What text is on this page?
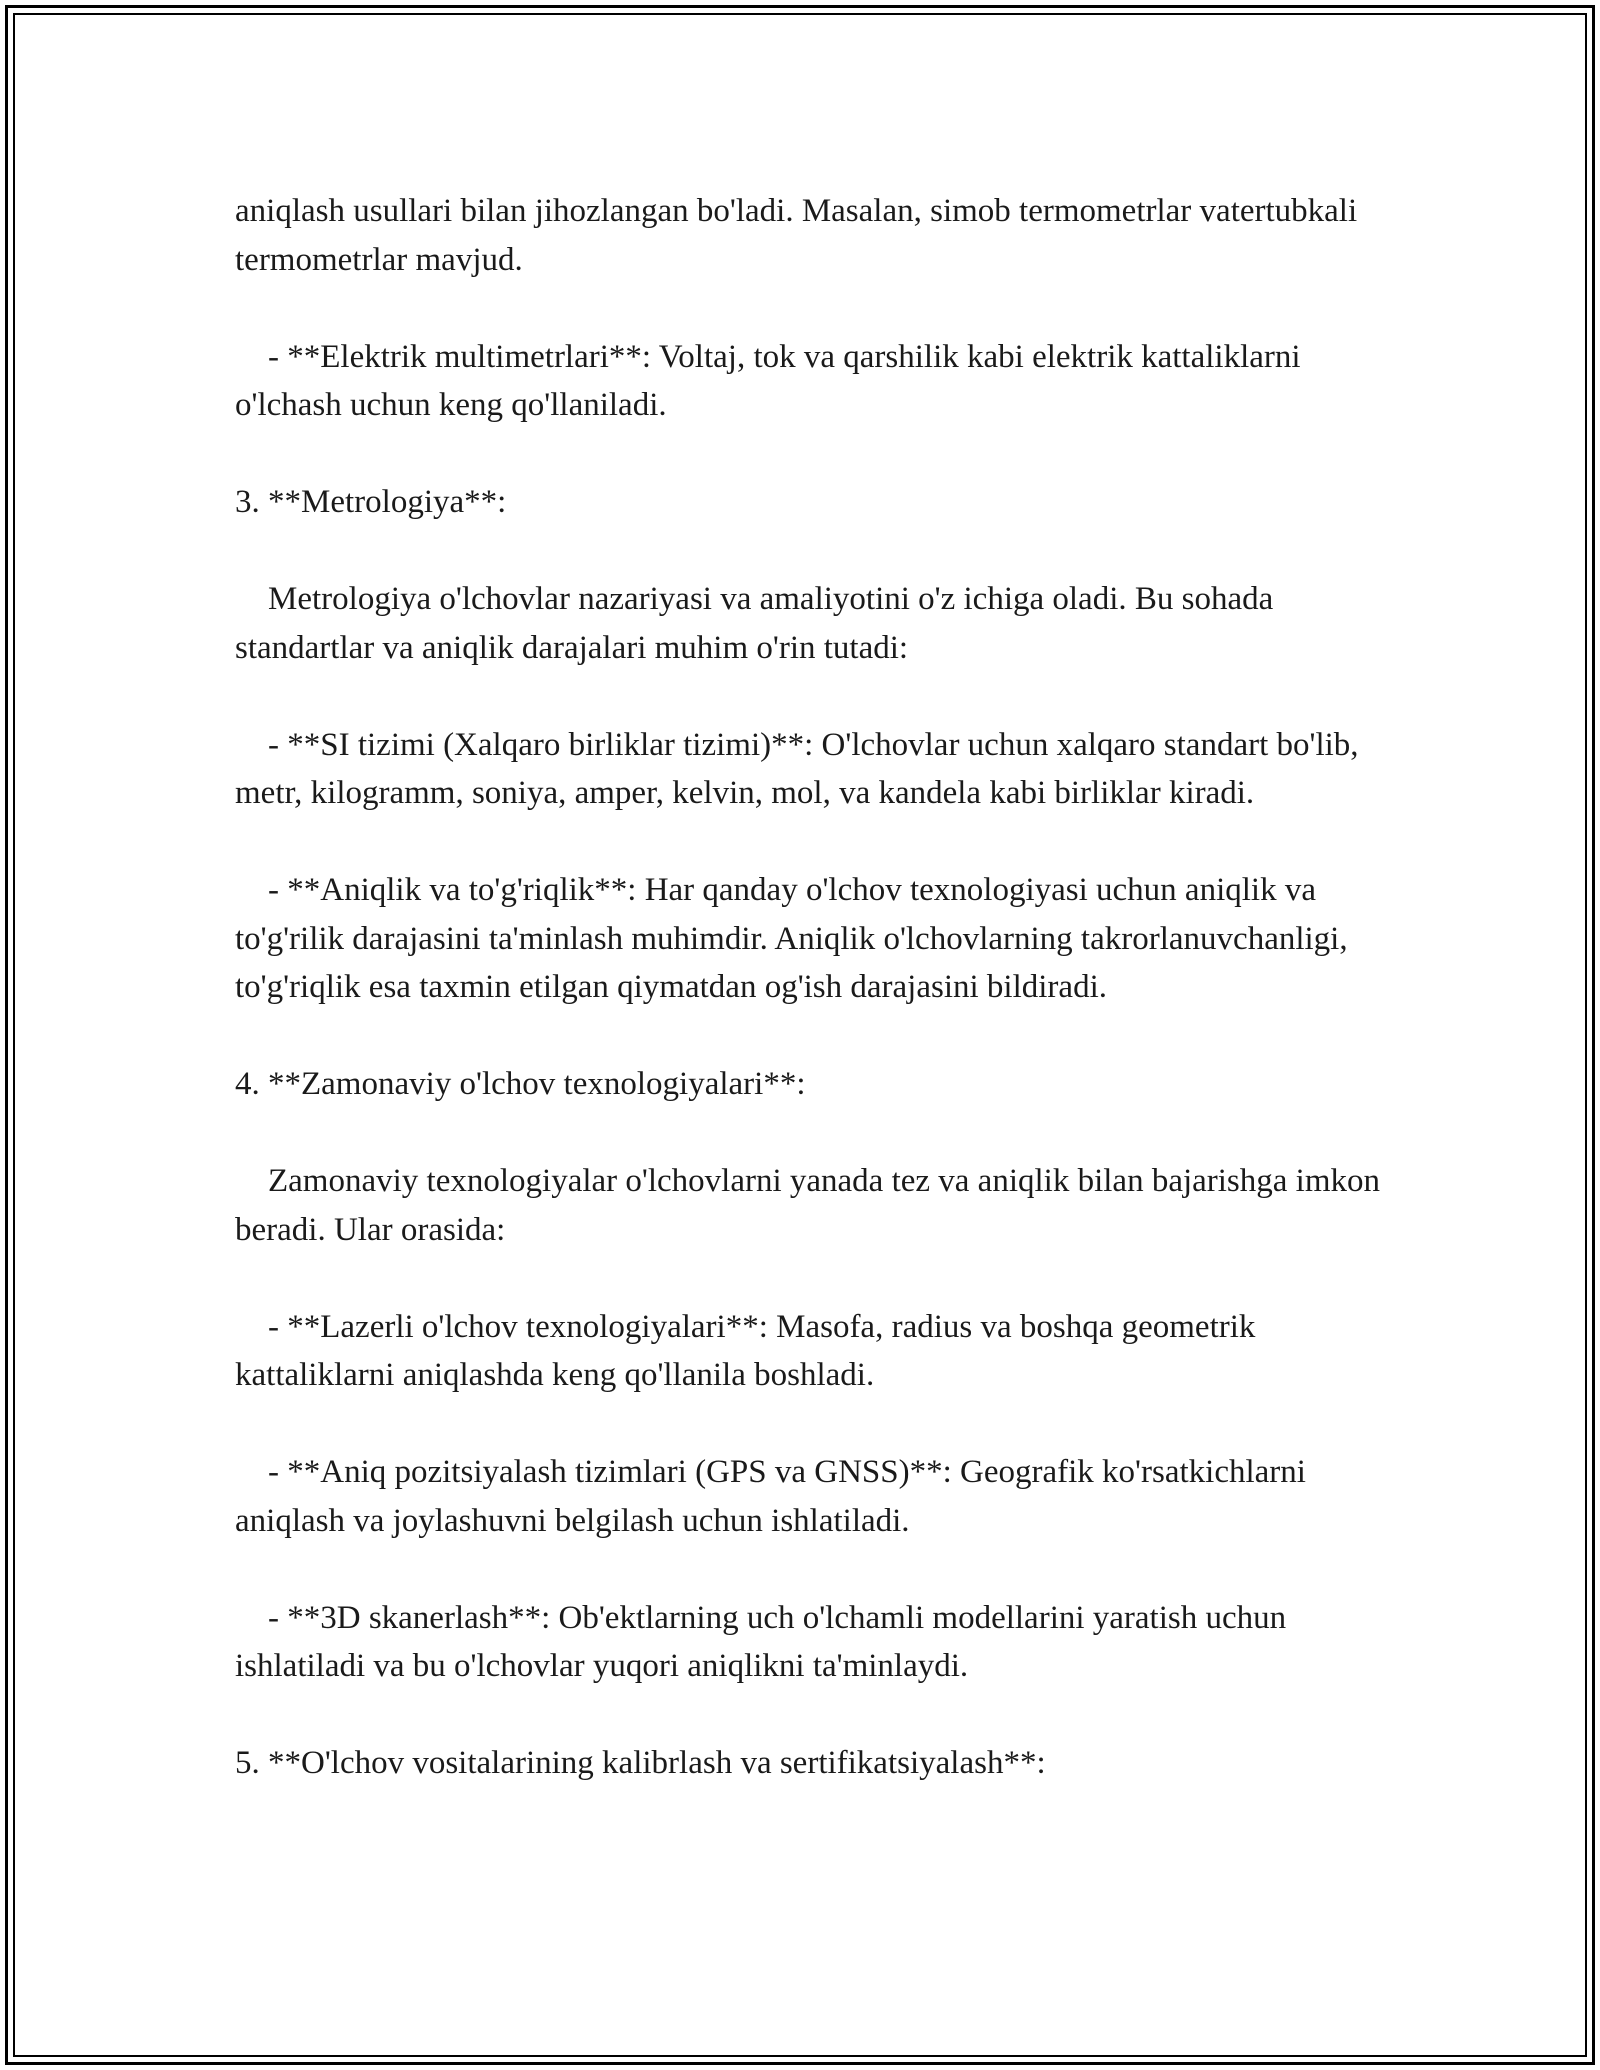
aniqlash usullari bilan jihozlangan bo'ladi. Masalan, simob termometrlar vatertubkali termometrlar mavjud.

- **Elektrik multimetrlari**: Voltaj, tok va qarshilik kabi elektrik kattaliklarni o'lchash uchun keng qo'llaniladi.

3. **Metrologiya**:

Metrologiya o'lchovlar nazariyasi va amaliyotini o'z ichiga oladi. Bu sohada standartlar va aniqlik darajalari muhim o'rin tutadi:

- **SI tizimi (Xalqaro birliklar tizimi)**: O'lchovlar uchun xalqaro standart bo'lib, metr, kilogramm, soniya, amper, kelvin, mol, va kandela kabi birliklar kiradi.

- **Aniqlik va to'g'riqlik**: Har qanday o'lchov texnologiyasi uchun aniqlik va to'g'rilik darajasini ta'minlash muhimdir. Aniqlik o'lchovlarning takrorlanuvchanligi, to'g'riqlik esa taxmin etilgan qiymatdan og'ish darajasini bildiradi.

4. **Zamonaviy o'lchov texnologiyalari**:

Zamonaviy texnologiyalar o'lchovlarni yanada tez va aniqlik bilan bajarishga imkon beradi. Ular orasida:

- **Lazerli o'lchov texnologiyalari**: Masofa, radius va boshqa geometrik kattaliklarni aniqlashda keng qo'llanila boshladi.

- **Aniq pozitsiyalash tizimlari (GPS va GNSS)**: Geografik ko'rsatkichlarni aniqlash va joylashuvni belgilash uchun ishlatiladi.

- **3D skanerlash**: Ob'ektlarning uch o'lchamli modellarini yaratish uchun ishlatiladi va bu o'lchovlar yuqori aniqlikni ta'minlaydi.

5. **O'lchov vositalarining kalibrlash va sertifikatsiyalash**:
